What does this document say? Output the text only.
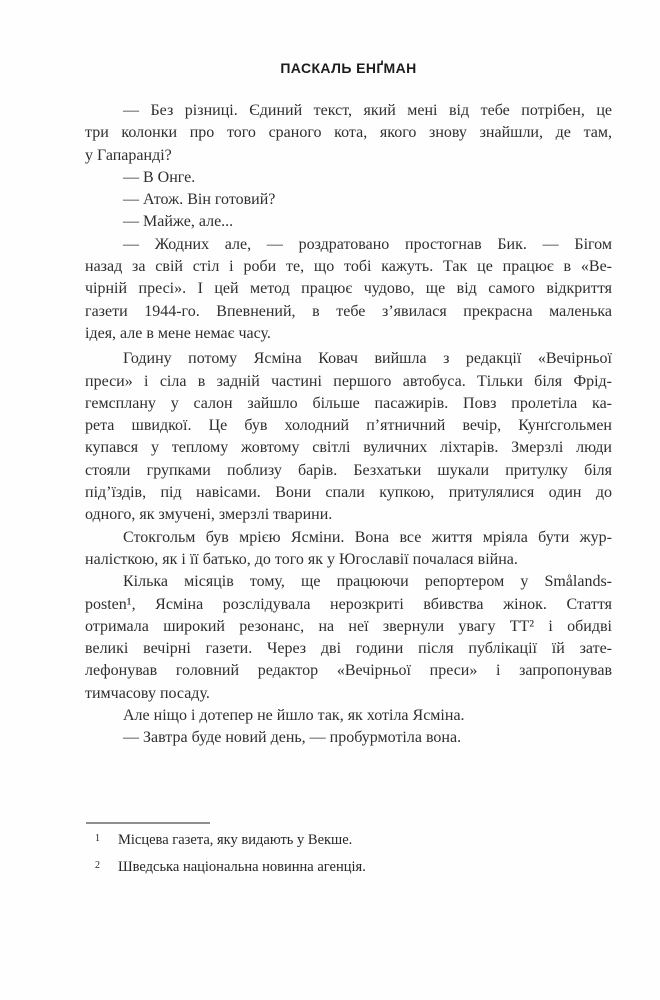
ПАСКАЛЬ ЕНҐМАН
— Без різниці. Єдиний текст, який мені від тебе потрібен, це
три колонки про того сраного кота, якого знову знайшли, де там,
у Гапаранді?
— В Онге.
— Атож. Він готовий?
— Майже, але...
— Жодних але, — роздратовано простогнав Бик. — Бігом
назад за свій стіл і роби те, що тобі кажуть. Так це працює в «Ве-
чірній пресі». І цей метод працює чудово, ще від самого відкриття
газети 1944-го. Впевнений, в тебе з’явилася прекрасна маленька
ідея, але в мене немає часу.
Годину потому Ясміна Ковач вийшла з редакції «Вечірньої
преси» і сіла в задній частині першого автобуса. Тільки біля Фрід-
гемсплану у салон зайшло більше пасажирів. Повз пролетіла ка-
рета швидкої. Це був холодний п’ятничний вечір, Кунґсгольмен
купався у теплому жовтому світлі вуличних ліхтарів. Змерзлі люди
стояли групками поблизу барів. Безхатьки шукали притулку біля
під’їздів, під навісами. Вони спали купкою, притулялися один до
одного, як змучені, змерзлі тварини.
Стокгольм був мрією Ясміни. Вона все життя мріяла бути жур-
налісткою, як і її батько, до того як у Югославії почалася війна.
Кілька місяців тому, ще працюючи репортером у Smålands-
posten¹, Ясміна розслідувала нерозкриті вбивства жінок. Стаття
отримала широкий резонанс, на неї звернули увагу ТТ² і обидві
великі вечірні газети. Через дві години після публікації їй зате-
лефонував головний редактор «Вечірньої преси» і запропонував
тимчасову посаду.
Але ніщо і дотепер не йшло так, як хотіла Ясміна.
— Завтра буде новий день, — пробурмотіла вона.
1	Місцева газета, яку видають у Векше.
2	Шведська національна новинна агенція.
